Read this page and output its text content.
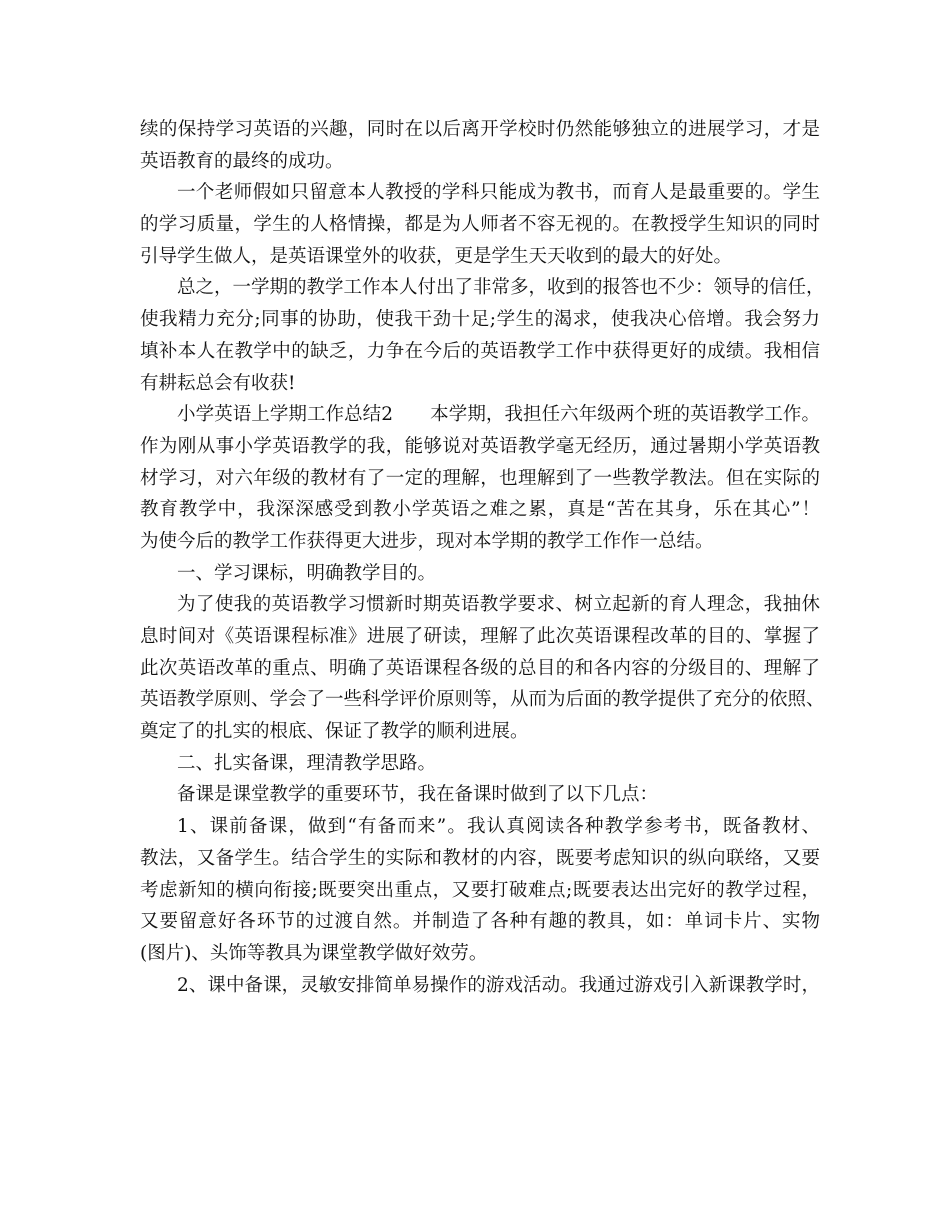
续的保持学习英语的兴趣，同时在以后离开学校时仍然能够独立的进展学习，才是
英语教育的最终的成功。
一个老师假如只留意本人教授的学科只能成为教书，而育人是最重要的。学生
的学习质量，学生的人格情操，都是为人师者不容无视的。在教授学生知识的同时
引导学生做人，是英语课堂外的收获，更是学生天天收到的最大的好处。
总之，一学期的教学工作本人付出了非常多，收到的报答也不少：领导的信任，
使我精力充分;同事的协助，使我干劲十足;学生的渴求，使我决心倍增。我会努力
填补本人在教学中的缺乏，力争在今后的英语教学工作中获得更好的成绩。我相信
有耕耘总会有收获!
小学英语上学期工作总结2　　本学期，我担任六年级两个班的英语教学工作。
作为刚从事小学英语教学的我，能够说对英语教学毫无经历，通过暑期小学英语教
材学习，对六年级的教材有了一定的理解，也理解到了一些教学教法。但在实际的
教育教学中，我深深感受到教小学英语之难之累，真是“苦在其身，乐在其心”！
为使今后的教学工作获得更大进步，现对本学期的教学工作作一总结。
一、学习课标，明确教学目的。
为了使我的英语教学习惯新时期英语教学要求、树立起新的育人理念，我抽休
息时间对《英语课程标准》进展了研读，理解了此次英语课程改革的目的、掌握了
此次英语改革的重点、明确了英语课程各级的总目的和各内容的分级目的、理解了
英语教学原则、学会了一些科学评价原则等，从而为后面的教学提供了充分的依照、
奠定了的扎实的根底、保证了教学的顺利进展。
二、扎实备课，理清教学思路。
备课是课堂教学的重要环节，我在备课时做到了以下几点：
1、课前备课，做到“有备而来”。我认真阅读各种教学参考书，既备教材、
教法，又备学生。结合学生的实际和教材的内容，既要考虑知识的纵向联络，又要
考虑新知的横向衔接;既要突出重点，又要打破难点;既要表达出完好的教学过程，
又要留意好各环节的过渡自然。并制造了各种有趣的教具，如：单词卡片、实物
(图片)、头饰等教具为课堂教学做好效劳。
2、课中备课，灵敏安排简单易操作的游戏活动。我通过游戏引入新课教学时，
